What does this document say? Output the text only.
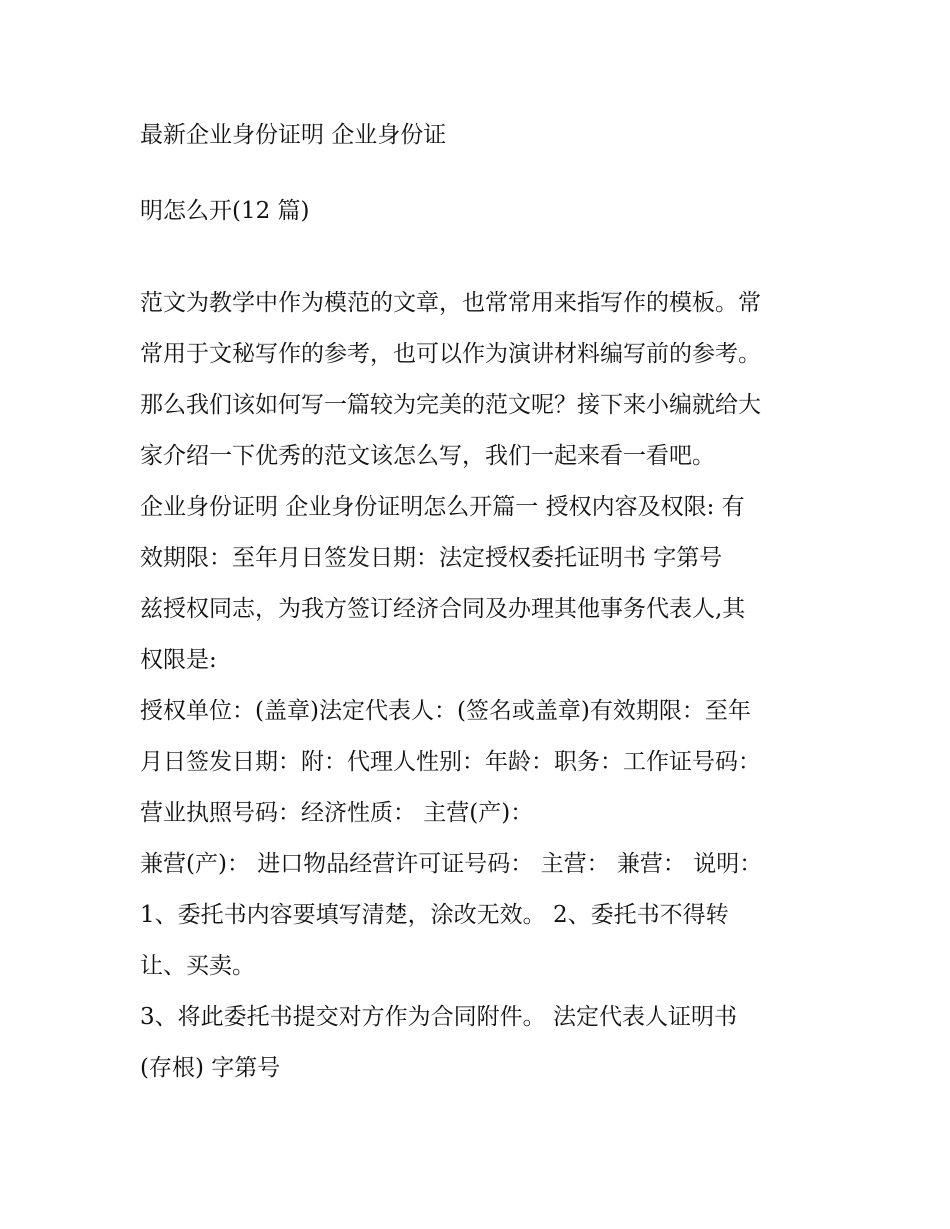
最新企业身份证明 企业身份证
明怎么开(12 篇)
范文为教学中作为模范的文章，也常常用来指写作的模板。常
常用于文秘写作的参考，也可以作为演讲材料编写前的参考。
那么我们该如何写一篇较为完美的范文呢？接下来小编就给大
家介绍一下优秀的范文该怎么写，我们一起来看一看吧。
企业身份证明 企业身份证明怎么开篇一 授权内容及权限: 有
效期限：至年月日签发日期：法定授权委托证明书 字第号
兹授权同志，为我方签订经济合同及办理其他事务代表人,其
权限是:
授权单位：(盖章)法定代表人：(签名或盖章)有效期限：至年
月日签发日期：附：代理人性别：年龄：职务：工作证号码：
营业执照号码：经济性质： 主营(产)：
兼营(产)： 进口物品经营许可证号码： 主营： 兼营： 说明：
1、委托书内容要填写清楚，涂改无效。 2、委托书不得转
让、买卖。
3、将此委托书提交对方作为合同附件。 法定代表人证明书
(存根) 字第号
